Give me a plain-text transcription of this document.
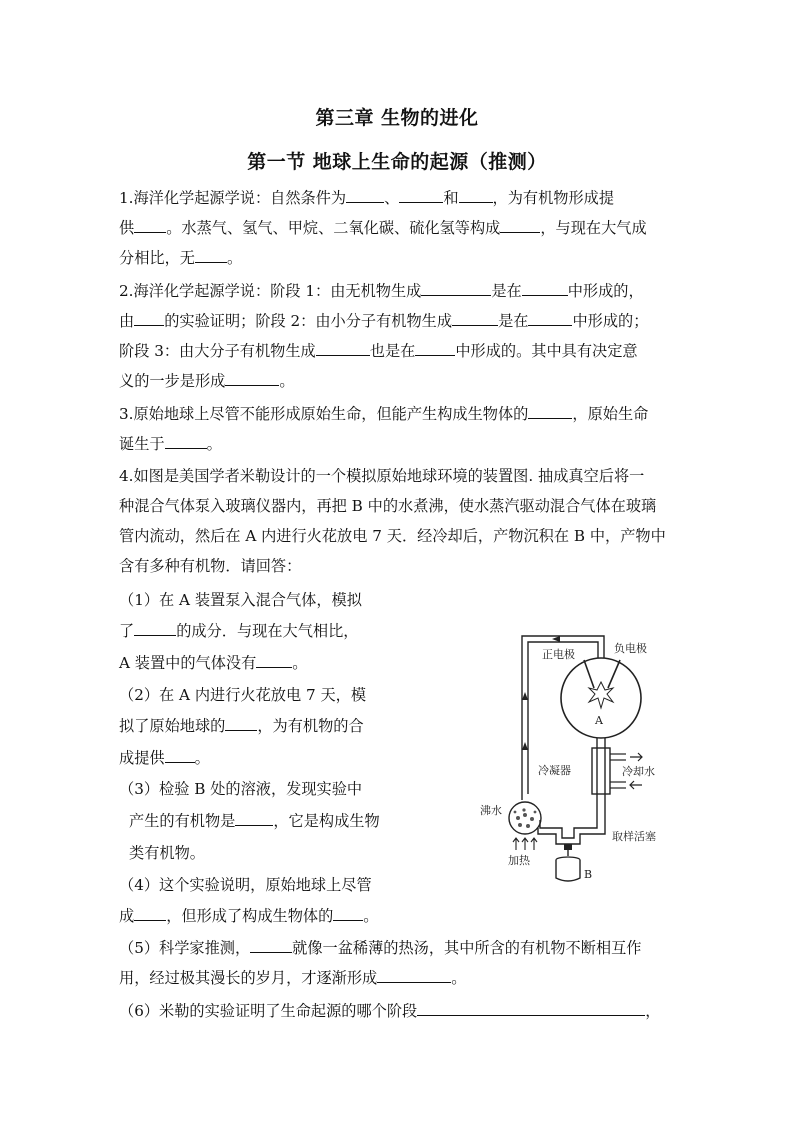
第三章 生物的进化
第一节 地球上生命的起源（推测）
1.海洋化学起源学说：自然条件为	、	和 ，为有机物形成提
供 。水蒸气、氢气、甲烷、二氧化碳、硫化氢等构成	，与现在大气成
分相比，无 。
2.海洋化学起源学说：阶段 1：由无机物生成	是在	中形成的，
由 的实验证明；阶段 2：由小分子有机物生成	是在	中形成的；
阶段 3：由大分子有机物生成	也是在	中形成的。其中具有决定意
义的一步是形成	。
3.原始地球上尽管不能形成原始生命，但能产生构成生物体的	，原始生命
诞生于	。
4.如图是美国学者米勒设计的一个模拟原始地球环境的装置图. 抽成真空后将一
种混合气体泵入玻璃仪器内，再把 B 中的水煮沸，使水蒸汽驱动混合气体在玻璃
管内流动，然后在 A 内进行火花放电 7 天．经冷却后，产物沉积在 B 中，产物中
含有多种有机物．请回答：
（1）在 A 装置泵入混合气体，模拟
了	的成分．与现在大气相比，
A 装置中的气体没有 。
（2）在 A 内进行火花放电 7 天，模
拟了原始地球的 ，为有机物的合
成提供 。
（3）检验 B 处的溶液，发现实验中
产生的有机物是	，它是构成生物
类有机物。
（4）这个实验说明，原始地球上尽管
成 ，但形成了构成生物体的 。
（5）科学家推测，	就像一盆稀薄的热汤，其中所含的有机物不断相互作
用，经过极其漫长的岁月，才逐渐形成	。
（6）米勒的实验证明了生命起源的哪个阶段	，
正电极	负电极
A
冷凝器	冷却水
沸水
加热
取样活塞
B
